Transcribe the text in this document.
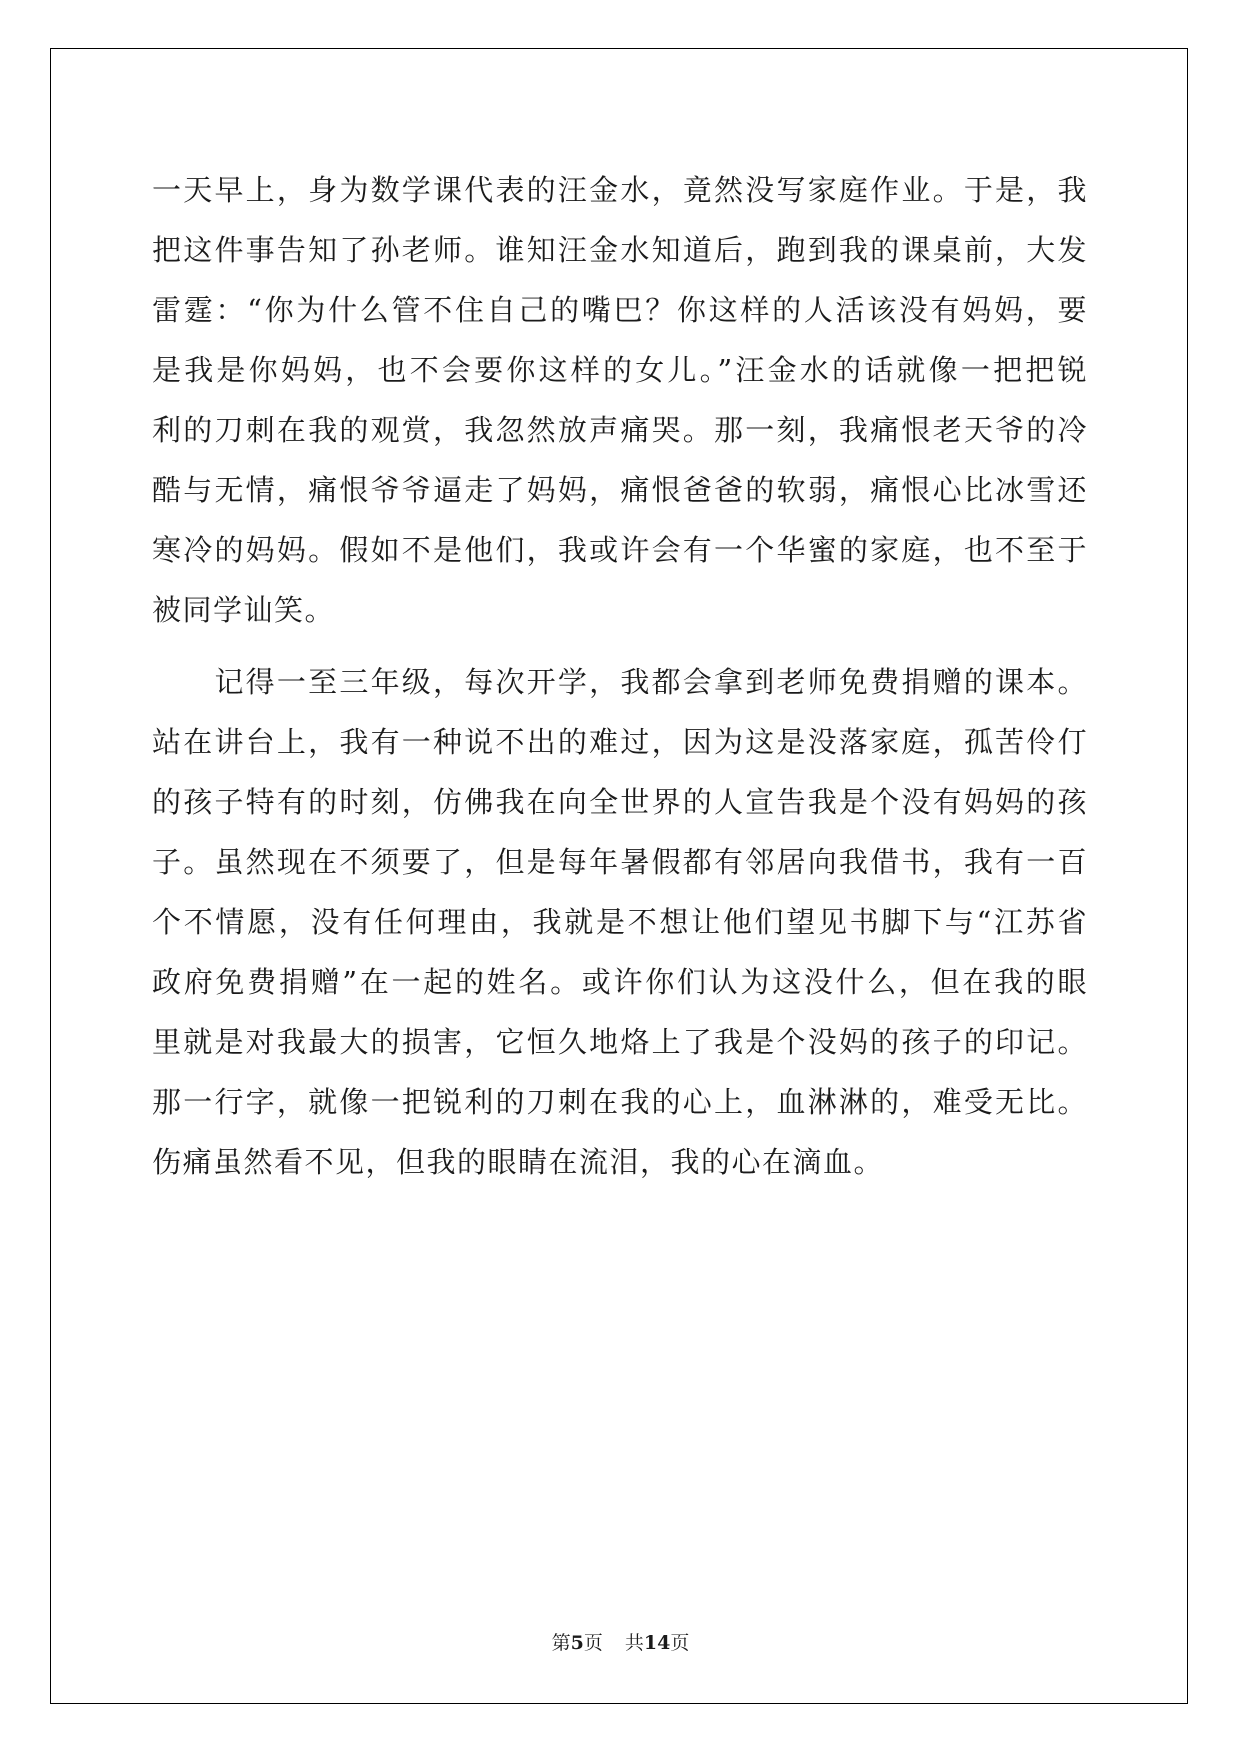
一天早上，身为数学课代表的汪金水，竟然没写家庭作业。于是，我
把这件事告知了孙老师。谁知汪金水知道后，跑到我的课桌前，大发
雷霆：“你为什么管不住自己的嘴巴？你这样的人活该没有妈妈，要
是我是你妈妈，也不会要你这样的女儿。”汪金水的话就像一把把锐
利的刀刺在我的观赏，我忽然放声痛哭。那一刻，我痛恨老天爷的冷
酷与无情，痛恨爷爷逼走了妈妈，痛恨爸爸的软弱，痛恨心比冰雪还
寒冷的妈妈。假如不是他们，我或许会有一个华蜜的家庭，也不至于
被同学讪笑。
　　记得一至三年级，每次开学，我都会拿到老师免费捐赠的课本。
站在讲台上，我有一种说不出的难过，因为这是没落家庭，孤苦伶仃
的孩子特有的时刻，仿佛我在向全世界的人宣告我是个没有妈妈的孩
子。虽然现在不须要了，但是每年暑假都有邻居向我借书，我有一百
个不情愿，没有任何理由，我就是不想让他们望见书脚下与“江苏省
政府免费捐赠”在一起的姓名。或许你们认为这没什么，但在我的眼
里就是对我最大的损害，它恒久地烙上了我是个没妈的孩子的印记。
那一行字，就像一把锐利的刀刺在我的心上，血淋淋的，难受无比。
伤痛虽然看不见，但我的眼睛在流泪，我的心在滴血。
第5页 共14页
